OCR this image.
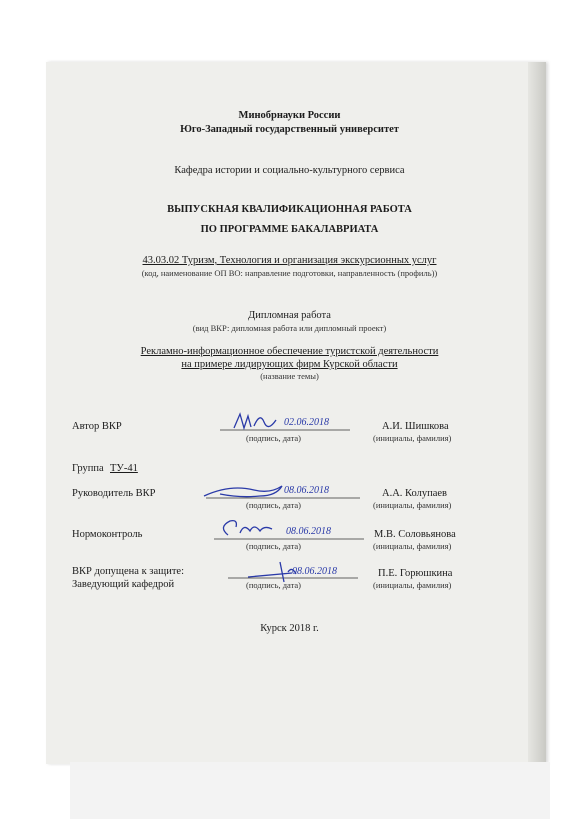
Минобрнауки России
Юго-Западный государственный университет
Кафедра истории и социально-культурного сервиса
ВЫПУСКНАЯ КВАЛИФИКАЦИОННАЯ РАБОТА
ПО ПРОГРАММЕ БАКАЛАВРИАТА
43.03.02 Туризм, Технология и организация экскурсионных услуг
(код, наименование ОП ВО: направление подготовки, направленность (профиль))
Дипломная работа
(вид ВКР: дипломная работа или дипломный проект)
Рекламно-информационное обеспечение туристской деятельности
на примере лидирующих фирм Курской области
(название темы)
Автор ВКР	02.06.2018
(подпись, дата)
А.И. Шишкова
(инициалы, фамилия)
Группа ТУ-41
Руководитель ВКР	08.06.2018
(подпись, дата)
А.А. Колупаев
(инициалы, фамилия)
Нормоконтроль	08.06.2018
(подпись, дата)
М.В. Соловьянова
(инициалы, фамилия)
ВКР допущена к защите:
Заведующий кафедрой
08.06.2018
(подпись, дата)
П.Е. Горюшкина
(инициалы, фамилия)
Курск 2018 г.
